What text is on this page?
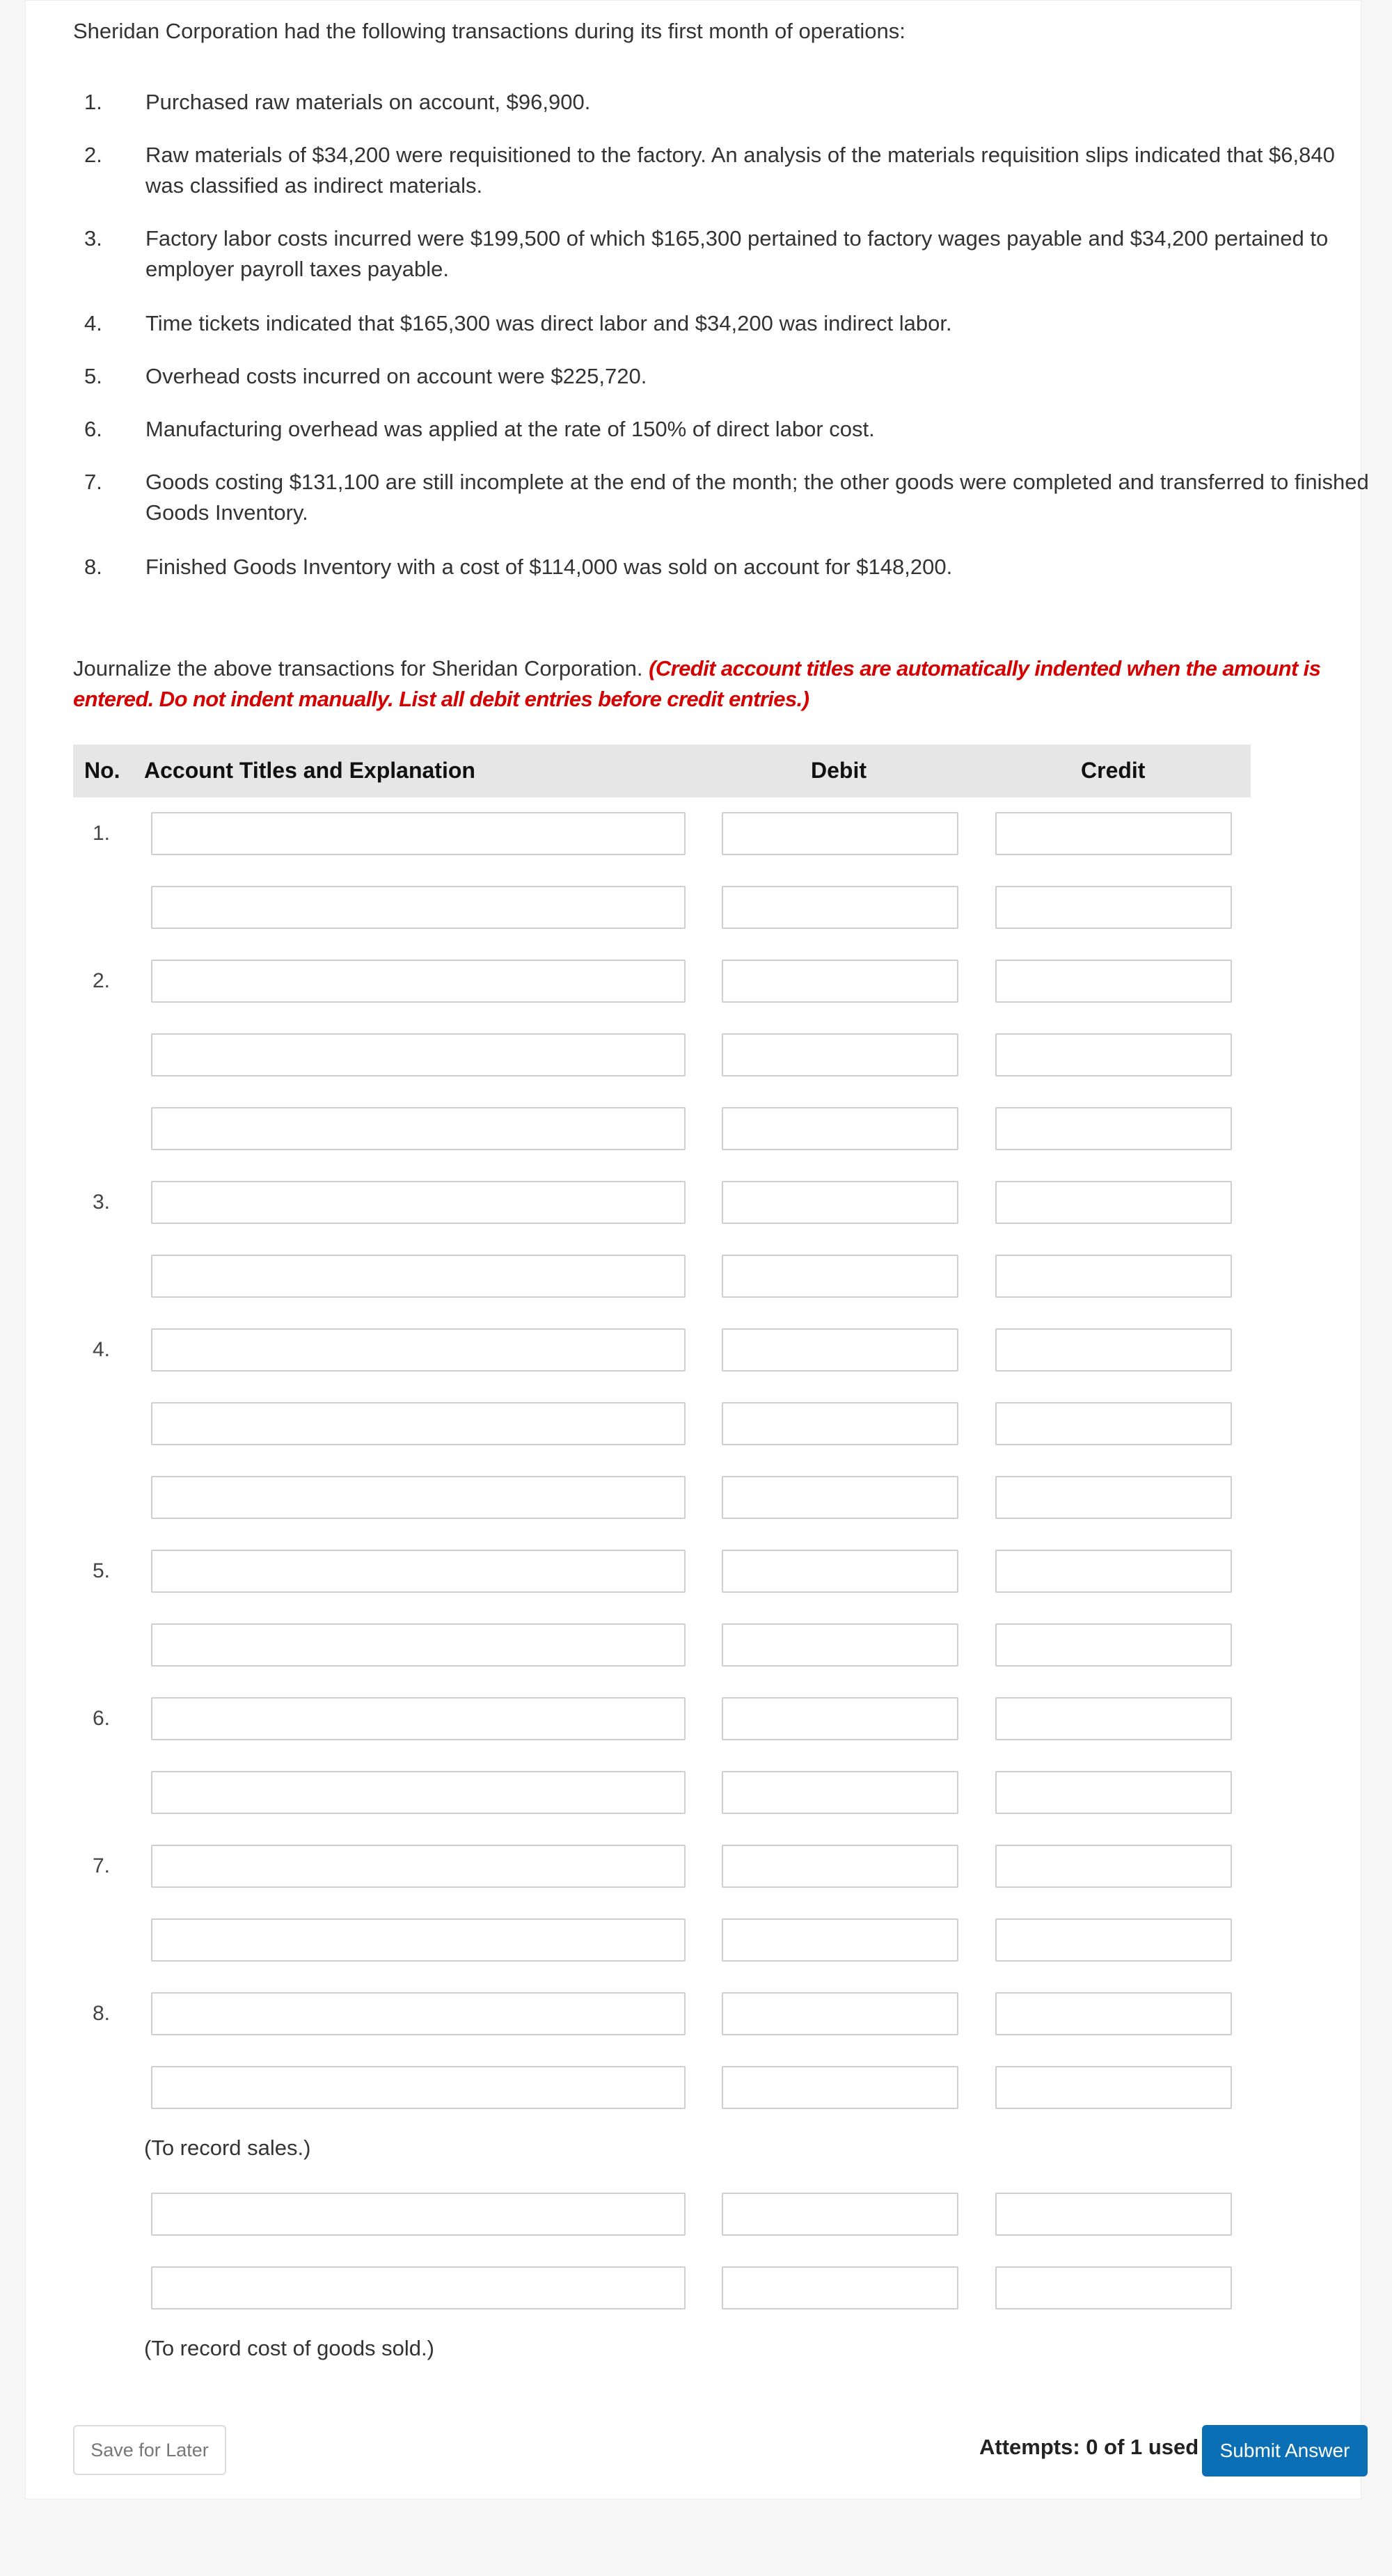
Sheridan Corporation had the following transactions during its first month of operations:
1.	Purchased raw materials on account, $96,900.
2.	Raw materials of $34,200 were requisitioned to the factory. An analysis of the materials requisition slips indicated that $6,840 was classified as indirect materials.
3.	Factory labor costs incurred were $199,500 of which $165,300 pertained to factory wages payable and $34,200 pertained to employer payroll taxes payable.
4.	Time tickets indicated that $165,300 was direct labor and $34,200 was indirect labor.
5.	Overhead costs incurred on account were $225,720.
6.	Manufacturing overhead was applied at the rate of 150% of direct labor cost.
7.	Goods costing $131,100 are still incomplete at the end of the month; the other goods were completed and transferred to finished Goods Inventory.
8.	Finished Goods Inventory with a cost of $114,000 was sold on account for $148,200.
Journalize the above transactions for Sheridan Corporation. (Credit account titles are automatically indented when the amount is entered. Do not indent manually. List all debit entries before credit entries.)
No. Account Titles and Explanation	Debit	Credit
1.
2.
3.
4.
5.
6.
7.
8.
(To record sales.)
(To record cost of goods sold.)
Save for Later	Attempts: 0 of 1 used	Submit Answer
